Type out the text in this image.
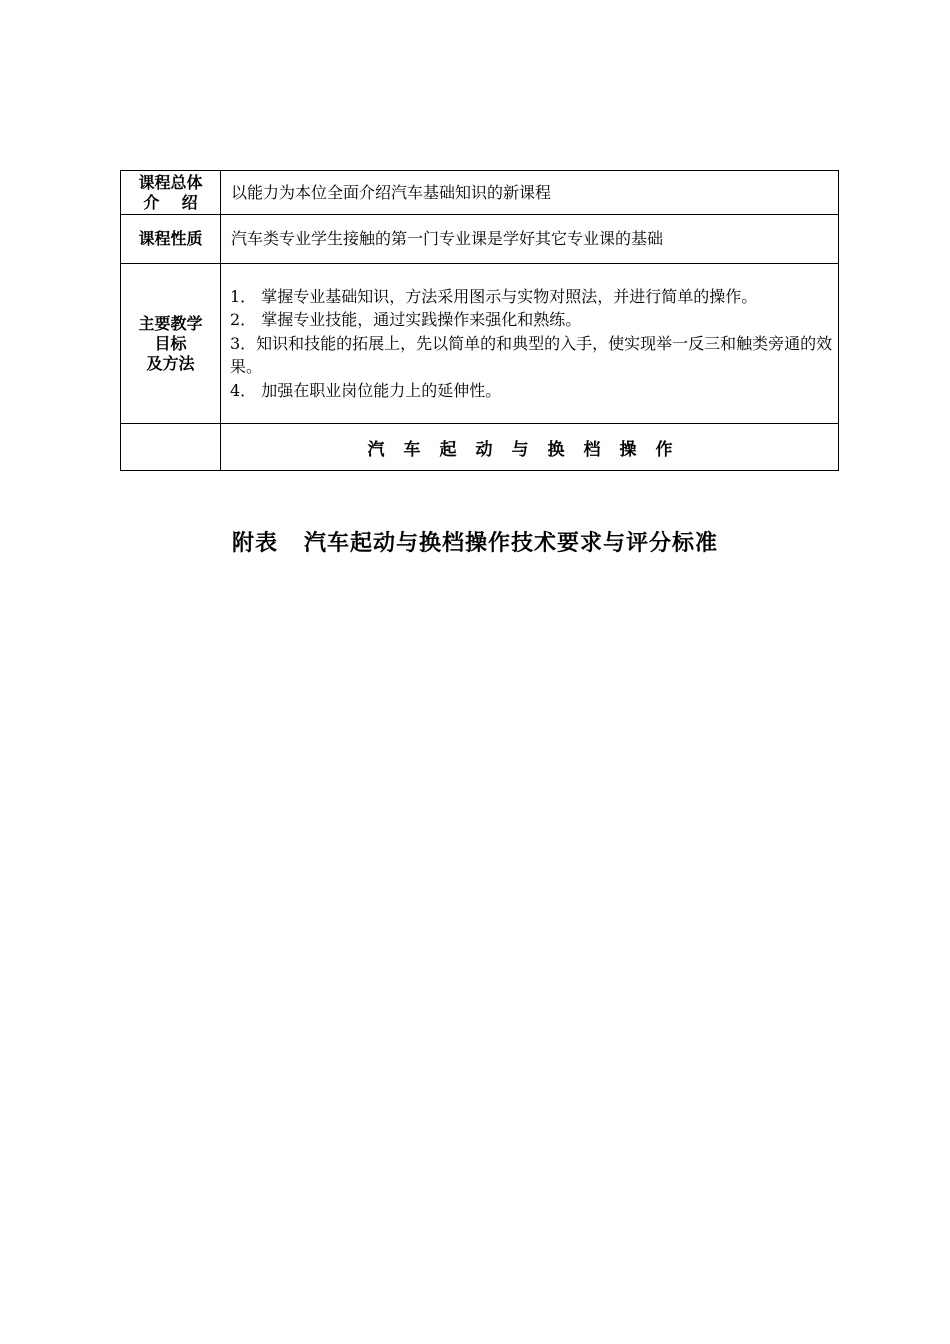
课程总体
介    绍	以能力为本位全面介绍汽车基础知识的新课程

课程性质	汽车类专业学生接触的第一门专业课是学好其它专业课的基础

主要教学
目标
及方法	1． 掌握专业基础知识，方法采用图示与实物对照法，并进行简单的操作。
2． 掌握专业技能，通过实践操作来强化和熟练。
3．知识和技能的拓展上，先以简单的和典型的入手，使实现举一反三和触类旁通的效果。
4． 加强在职业岗位能力上的延伸性。

	汽车起动与换档操作
附表   汽车起动与换档操作技术要求与评分标准
